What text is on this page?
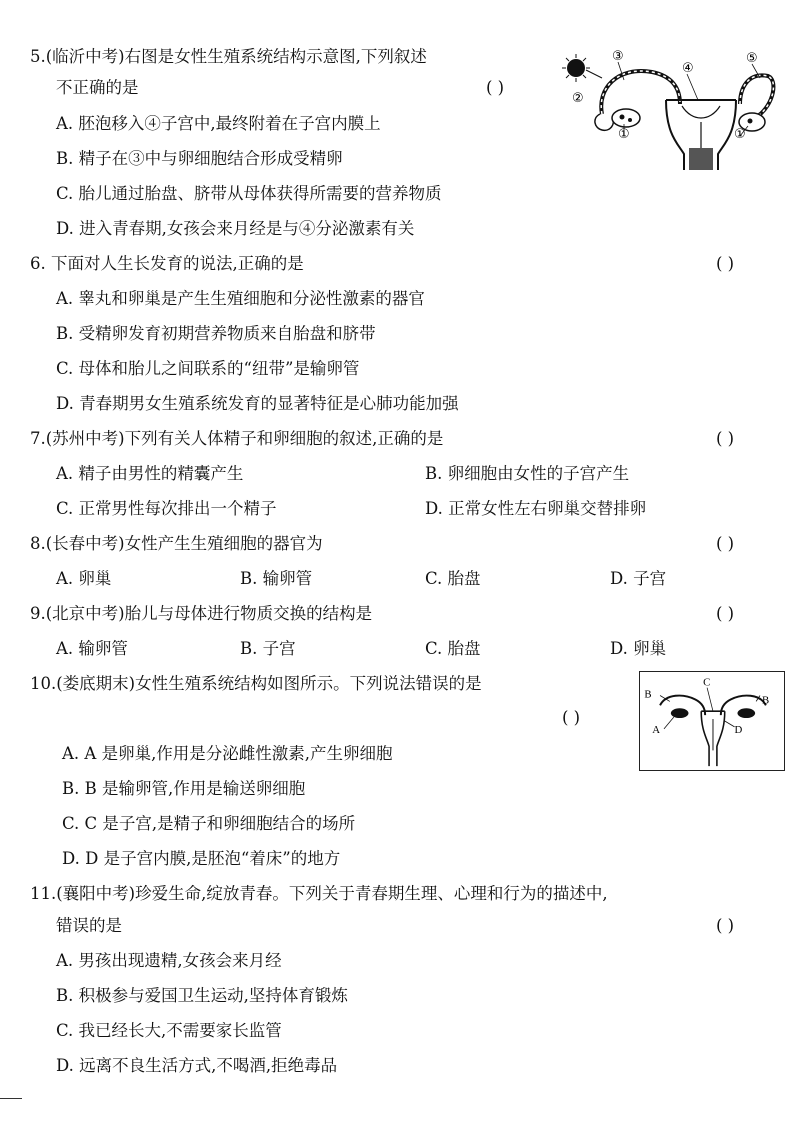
5.(临沂中考)右图是女性生殖系统结构示意图,下列叙述
不正确的是	( )
A. 胚泡移入④子宫中,最终附着在子宫内膜上
B. 精子在③中与卵细胞结合形成受精卵
C. 胎儿通过胎盘、脐带从母体获得所需要的营养物质
D. 进入青春期,女孩会来月经是与④分泌激素有关
③
④
⑤
②
①	①
6. 下面对人生长发育的说法,正确的是	( )
A. 睾丸和卵巢是产生生殖细胞和分泌性激素的器官
B. 受精卵发育初期营养物质来自胎盘和脐带
C. 母体和胎儿之间联系的“纽带”是输卵管
D. 青春期男女生殖系统发育的显著特征是心肺功能加强
7.(苏州中考)下列有关人体精子和卵细胞的叙述,正确的是	( )
A. 精子由男性的精囊产生	B. 卵细胞由女性的子宫产生
C. 正常男性每次排出一个精子	D. 正常女性左右卵巢交替排卵
8.(长春中考)女性产生生殖细胞的器官为	( )
A. 卵巢	B. 输卵管	C. 胎盘	D. 子宫
9.(北京中考)胎儿与母体进行物质交换的结构是	( )
A. 输卵管	B. 子宫	C. 胎盘	D. 卵巢
10.(娄底期末)女性生殖系统结构如图所示。下列说法错误的是
( )
A. A 是卵巢,作用是分泌雌性激素,产生卵细胞
B. B 是输卵管,作用是输送卵细胞
C. C 是子宫,是精子和卵细胞结合的场所
D. D 是子宫内膜,是胚泡“着床”的地方
B
C
B
A	D
11.(襄阳中考)珍爱生命,绽放青春。下列关于青春期生理、心理和行为的描述中,
错误的是	( )
A. 男孩出现遗精,女孩会来月经
B. 积极参与爱国卫生运动,坚持体育锻炼
C. 我已经长大,不需要家长监管
D. 远离不良生活方式,不喝酒,拒绝毒品
